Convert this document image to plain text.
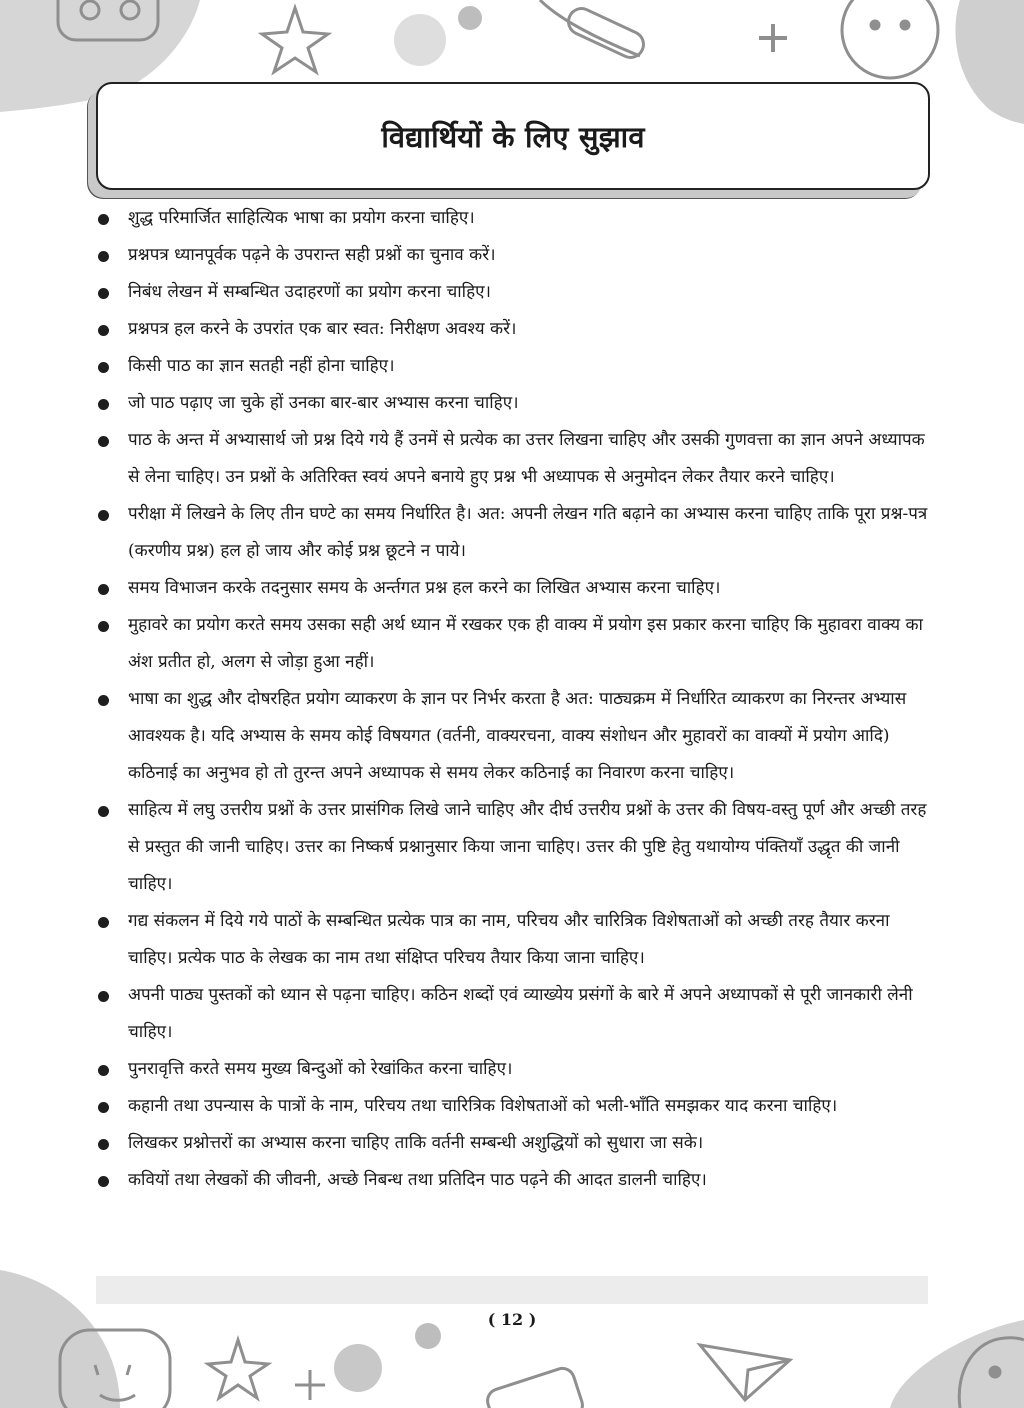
विद्यार्थियों के लिए सुझाव
शुद्ध परिमार्जित साहित्यिक भाषा का प्रयोग करना चाहिए।
प्रश्नपत्र ध्यानपूर्वक पढ़ने के उपरान्त सही प्रश्नों का चुनाव करें।
निबंध लेखन में सम्बन्धित उदाहरणों का प्रयोग करना चाहिए।
प्रश्नपत्र हल करने के उपरांत एक बार स्वत: निरीक्षण अवश्य करें।
किसी पाठ का ज्ञान सतही नहीं होना चाहिए।
जो पाठ पढ़ाए जा चुके हों उनका बार-बार अभ्यास करना चाहिए।
पाठ के अन्त में अभ्यासार्थ जो प्रश्न दिये गये हैं उनमें से प्रत्येक का उत्तर लिखना चाहिए और उसकी गुणवत्ता का ज्ञान अपने अध्यापक से लेना चाहिए। उन प्रश्नों के अतिरिक्त स्वयं अपने बनाये हुए प्रश्न भी अध्यापक से अनुमोदन लेकर तैयार करने चाहिए।
परीक्षा में लिखने के लिए तीन घण्टे का समय निर्धारित है। अत: अपनी लेखन गति बढ़ाने का अभ्यास करना चाहिए ताकि पूरा प्रश्न-पत्र (करणीय प्रश्न) हल हो जाय और कोई प्रश्न छूटने न पाये।
समय विभाजन करके तदनुसार समय के अर्न्तगत प्रश्न हल करने का लिखित अभ्यास करना चाहिए।
मुहावरे का प्रयोग करते समय उसका सही अर्थ ध्यान में रखकर एक ही वाक्य में प्रयोग इस प्रकार करना चाहिए कि मुहावरा वाक्य का अंश प्रतीत हो, अलग से जोड़ा हुआ नहीं।
भाषा का शुद्ध और दोषरहित प्रयोग व्याकरण के ज्ञान पर निर्भर करता है अत: पाठ्यक्रम में निर्धारित व्याकरण का निरन्तर अभ्यास आवश्यक है। यदि अभ्यास के समय कोई विषयगत (वर्तनी, वाक्यरचना, वाक्य संशोधन और मुहावरों का वाक्यों में प्रयोग आदि) कठिनाई का अनुभव हो तो तुरन्त अपने अध्यापक से समय लेकर कठिनाई का निवारण करना चाहिए।
साहित्य में लघु उत्तरीय प्रश्नों के उत्तर प्रासंगिक लिखे जाने चाहिए और दीर्घ उत्तरीय प्रश्नों के उत्तर की विषय-वस्तु पूर्ण और अच्छी तरह से प्रस्तुत की जानी चाहिए। उत्तर का निष्कर्ष प्रश्नानुसार किया जाना चाहिए। उत्तर की पुष्टि हेतु यथायोग्य पंक्तियाँ उद्धृत की जानी चाहिए।
गद्य संकलन में दिये गये पाठों के सम्बन्धित प्रत्येक पात्र का नाम, परिचय और चारित्रिक विशेषताओं को अच्छी तरह तैयार करना चाहिए। प्रत्येक पाठ के लेखक का नाम तथा संक्षिप्त परिचय तैयार किया जाना चाहिए।
अपनी पाठ्य पुस्तकों को ध्यान से पढ़ना चाहिए। कठिन शब्दों एवं व्याख्येय प्रसंगों के बारे में अपने अध्यापकों से पूरी जानकारी लेनी चाहिए।
पुनरावृत्ति करते समय मुख्य बिन्दुओं को रेखांकित करना चाहिए।
कहानी तथा उपन्यास के पात्रों के नाम, परिचय तथा चारित्रिक विशेषताओं को भली-भाँति समझकर याद करना चाहिए।
लिखकर प्रश्नोत्तरों का अभ्यास करना चाहिए ताकि वर्तनी सम्बन्धी अशुद्धियों को सुधारा जा सके।
कवियों तथा लेखकों की जीवनी, अच्छे निबन्ध तथा प्रतिदिन पाठ पढ़ने की आदत डालनी चाहिए।
( 12 )
